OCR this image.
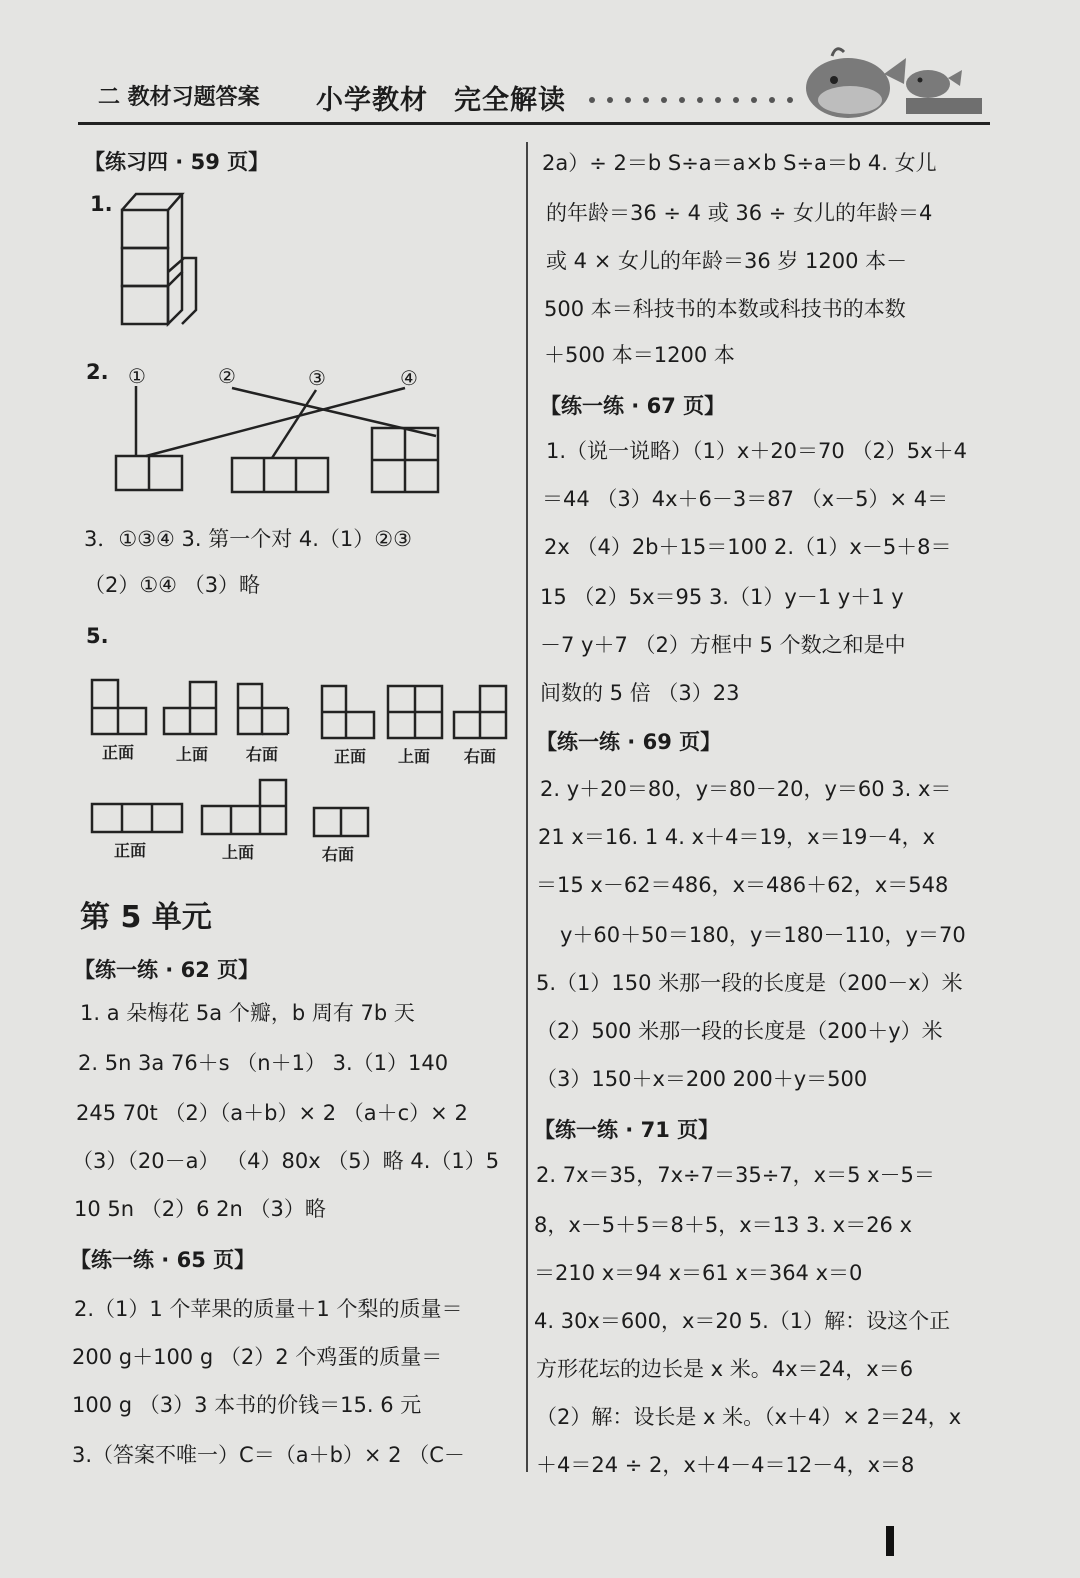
二 教材习题答案 小学教材 完全解读
【练习四 · 59 页】
1.
2. ①	②	③	④
3．①③④ 3. 第一个对 4.（1）②③
（2）①④ （3）略
5.
正面	上面 右面	正面 上面 右面
正面	上面	右面
第 5 单元
【练一练 · 62 页】
1. a 朵梅花 5a 个瓣，b 周有 7b 天
2. 5n 3a 76＋s （n＋1） 3.（1）140
245 70t （2）（a＋b）× 2 （a＋c）× 2
（3）（20－a） （4）80x （5）略 4.（1）5
10 5n （2）6 2n （3）略
【练一练 · 65 页】
2.（1）1 个苹果的质量＋1 个梨的质量＝
200 g＋100 g （2）2 个鸡蛋的质量＝
100 g （3）3 本书的价钱＝15. 6 元
3.（答案不唯一）C＝（a＋b）× 2 （C－
2a）÷ 2＝b S÷a＝a×b S÷a＝b 4. 女儿
的年龄＝36 ÷ 4 或 36 ÷ 女儿的年龄＝4
或 4 × 女儿的年龄＝36 岁 1200 本－
500 本＝科技书的本数或科技书的本数
＋500 本＝1200 本
【练一练 · 67 页】
1.（说一说略）（1）x＋20＝70 （2）5x＋4
＝44 （3）4x＋6－3＝87 （x－5）× 4＝
2x （4）2b＋15＝100 2.（1）x－5＋8＝
15 （2）5x＝95 3.（1）y－1 y＋1 y
－7 y＋7 （2）方框中 5 个数之和是中
间数的 5 倍 （3）23
【练一练 · 69 页】
2. y＋20＝80，y＝80－20，y＝60 3. x＝
21 x＝16. 1 4. x＋4＝19，x＝19－4，x
＝15 x－62＝486，x＝486＋62，x＝548
y＋60＋50＝180，y＝180－110，y＝70
5.（1）150 米那一段的长度是（200－x）米
（2）500 米那一段的长度是（200＋y）米
（3）150＋x＝200 200＋y＝500
【练一练 · 71 页】
2. 7x＝35，7x÷7＝35÷7，x＝5 x－5＝
8，x－5＋5＝8＋5，x＝13 3. x＝26 x
＝210 x＝94 x＝61 x＝364 x＝0
4. 30x＝600，x＝20 5.（1）解：设这个正
方形花坛的边长是 x 米。4x＝24，x＝6
（2）解：设长是 x 米。（x＋4）× 2＝24，x
＋4＝24 ÷ 2，x＋4－4＝12－4，x＝8
